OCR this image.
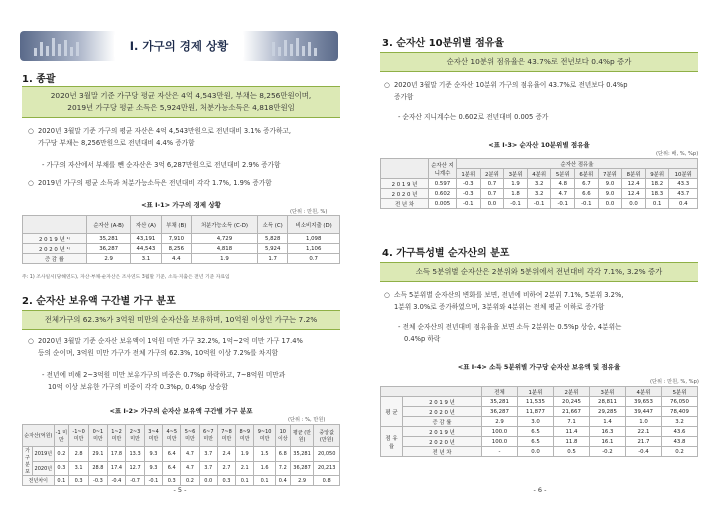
Ⅰ. 가구의 경제 상황
1. 종괄
2020년 3월말 기준 가구당 평균 자산은 4억 4,543만원, 부채는 8,256만원이며,
2019년 가구당 평균 소득은 5,924만원, 처분가능소득은 4,818만원임
○ 2020년 3월말 기준 가구의 평균 자산은 4억 4,543만원으로 전년대비 3.1% 증가하고,
가구당 부채는 8,256만원으로 전년대비 4.4% 증가함
- 가구의 자산에서 부채를 뺀 순자산은 3억 6,287만원으로 전년대비 2.9% 증가함
○ 2019년 가구의 평균 소득과 처분가능소득은 전년대비 각각 1.7%, 1.9% 증가함
<표 Ⅰ-1> 가구의 경제 상황
(단위 : 만원, %)
	순자산 (A-B)	자산 (A)	부채 (B)	처분가능소득 (C-D)	소득 (C)	비소비지출 (D)
2 0 1 9 년 ¹⁾	35,281	43,191	7,910	4,729	5,828	1,098
2 0 2 0 년 ¹⁾	36,287	44,543	8,256	4,818	5,924	1,106
증 감 률	2.9	3.1	4.4	1.9	1.7	0.7
주: 1) 조사일시(당해연도), 자산·부채·순자산은 조사연도 3월말 기준, 소득·지출은 전년 기준 자료임
2. 순자산 보유액 구간별 가구 분포
전체가구의 62.3%가 3억원 미만의 순자산을 보유하며, 10억원 이상인 가구는 7.2%
○ 2020년 3월말 기준 순자산 보유액이 1억원 미만 가구 32.2%, 1억~2억 미만 가구 17.4%
등의 순이며, 3억원 미만 가구가 전체 가구의 62.3%, 10억원 이상 7.2%를 차지함
- 전년에 비해 2~3억원 미만 보유가구의 비중은 0.7%p 하락하고, 7~8억원 미만과
10억 이상 보유한 가구의 비중이 각각 0.3%p, 0.4%p 상승함
<표 Ⅰ-2> 가구의 순자산 보유액 구간별 가구 분포
(단위 : %, 만원)
순자산(억원)		-1 미만	-1~0 미만	0~1 미만	1~2 미만	2~3 미만	3~4 미만	4~5 미만	5~6 미만	6~7 미만	7~8 미만	8~9 미만	9~10 미만	10 이상	평균 (만원)	중앙값 (만원)
가구 분포	2019년	0.2	2.8	29.1	17.8	13.3	9.3	6.4	4.7	3.7	2.4	1.9	1.5	6.8	35,281	20,050
	2020년	0.3	3.1	28.8	17.4	12.7	9.3	6.4	4.7	3.7	2.7	2.1	1.6	7.2	36,287	20,213
전년차이		0.1	0.3	-0.3	-0.4	-0.7	-0.1	0.3	0.2	0.0	0.3	0.1	0.1	0.4	2.9	0.8
- 5 -
3. 순자산 10분위별 점유율
순자산 10분위 점유율은 43.7%로 전년보다 0.4%p 증가
○ 2020년 3월말 기준 순자산 10분위 가구의 점유율이 43.7%로 전년보다 0.4%p
증가함
- 순자산 지니계수는 0.602로 전년대비 0.005 증가
<표 Ⅰ-3> 순자산 10분위별 점유율
(단위: 배, %, %p)
	순자산 지니계수	순자산 점유율									
		1분위	2분위	3분위	4분위	5분위	6분위	7분위	8분위	9분위	10분위
2 0 1 9 년	0.597	-0.3	0.7	1.9	3.2	4.8	6.7	9.0	12.4	18.2	43.3
2 0 2 0 년	0.602	-0.3	0.7	1.8	3.2	4.7	6.6	9.0	12.4	18.3	43.7
전 년 차	0.005	-0.1	0.0	-0.1	-0.1	-0.1	-0.1	0.0	0.0	0.1	0.4
4. 가구특성별 순자산의 분포
소득 5분위별 순자산은 2분위와 5분위에서 전년대비 각각 7.1%, 3.2% 증가
○ 소득 5분위별 순자산의 변화를 보면, 전년에 비하여 2분위 7.1%, 5분위 3.2%,
1분위 3.0%로 증가하였으며, 3분위와 4분위는 전체 평균 이하로 증가함
- 전체 순자산의 전년대비 점유율을 보면 소득 2분위는 0.5%p 상승, 4분위는
0.4%p 하락
<표 Ⅰ-4> 소득 5분위별 가구당 순자산 보유액 및 점유율
(단위 : 만원, %, %p)
		전체	1분위	2분위	3분위	4분위	5분위
평 균	2 0 1 9 년	35,281	11,535	20,245	28,811	39,653	76,050
	2 0 2 0 년	36,287	11,877	21,667	29,285	39,447	78,409
	증 감 률	2.9	3.0	7.1	1.4	1.0	3.2
점 유 율	2 0 1 9 년	100.0	6.5	11.4	16.3	22.1	43.6
	2 0 2 0 년	100.0	6.5	11.8	16.1	21.7	43.8
	전 년 차	-	0.0	0.5	-0.2	-0.4	0.2
- 6 -
